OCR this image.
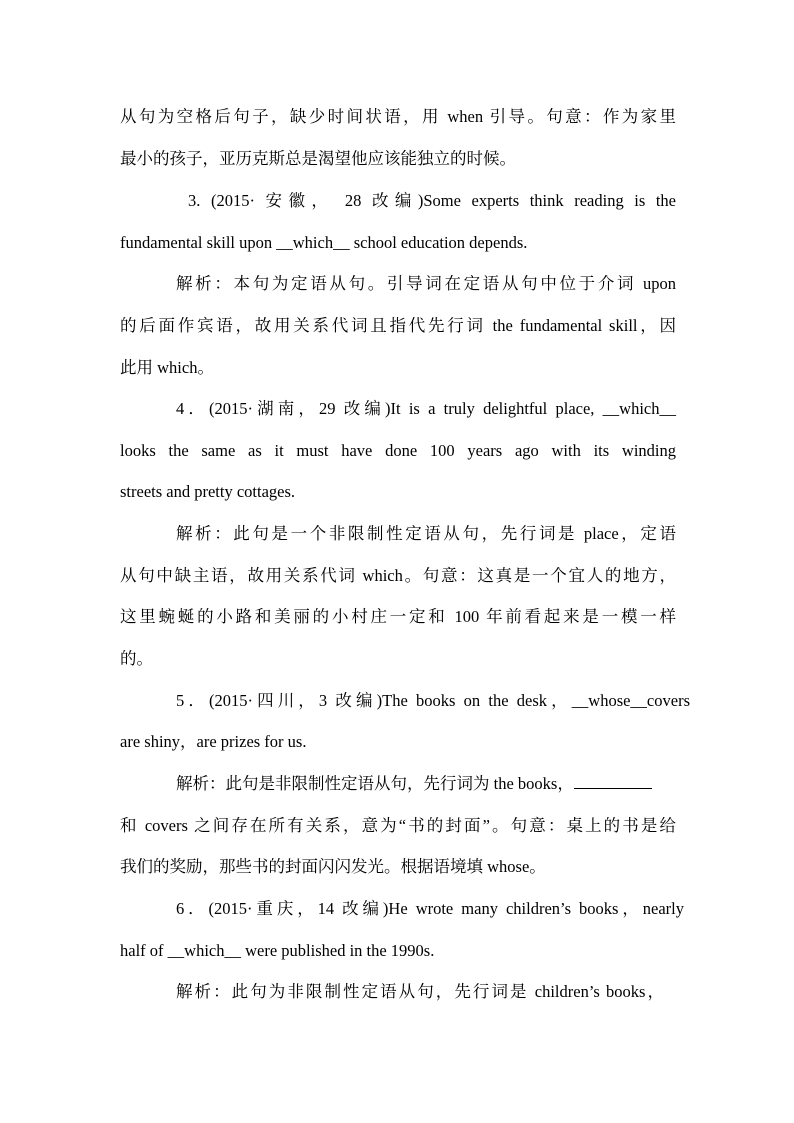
从句为空格后句子，缺少时间状语，用 when 引导。句意：作为家里
最小的孩子，亚历克斯总是渴望他应该能独立的时候。
3. (2015· 安徽， 28 改编)Some experts think reading is the
fundamental skill upon __which__ school education depends.
解析：本句为定语从句。引导词在定语从句中位于介词 upon
的后面作宾语，故用关系代词且指代先行词 the fundamental skill，因
此用 which。
4．(2015·湖南，29 改编)It is a truly delightful place, __which__
looks the same as it must have done 100 years ago with its winding
streets and pretty cottages.
解析：此句是一个非限制性定语从句，先行词是 place，定语
从句中缺主语，故用关系代词 which。句意：这真是一个宜人的地方，
这里蜿蜒的小路和美丽的小村庄一定和 100 年前看起来是一模一样
的。
5．(2015·四川，3 改编)The books on the desk，__whose__covers
are shiny，are prizes for us.
解析：此句是非限制性定语从句，先行词为 the books，
和 covers 之间存在所有关系，意为“书的封面”。句意：桌上的书是给
我们的奖励，那些书的封面闪闪发光。根据语境填 whose。
6．(2015·重庆，14 改编)He wrote many children’s books，nearly
half of __which__ were published in the 1990s.
解析：此句为非限制性定语从句，先行词是 children’s books，
